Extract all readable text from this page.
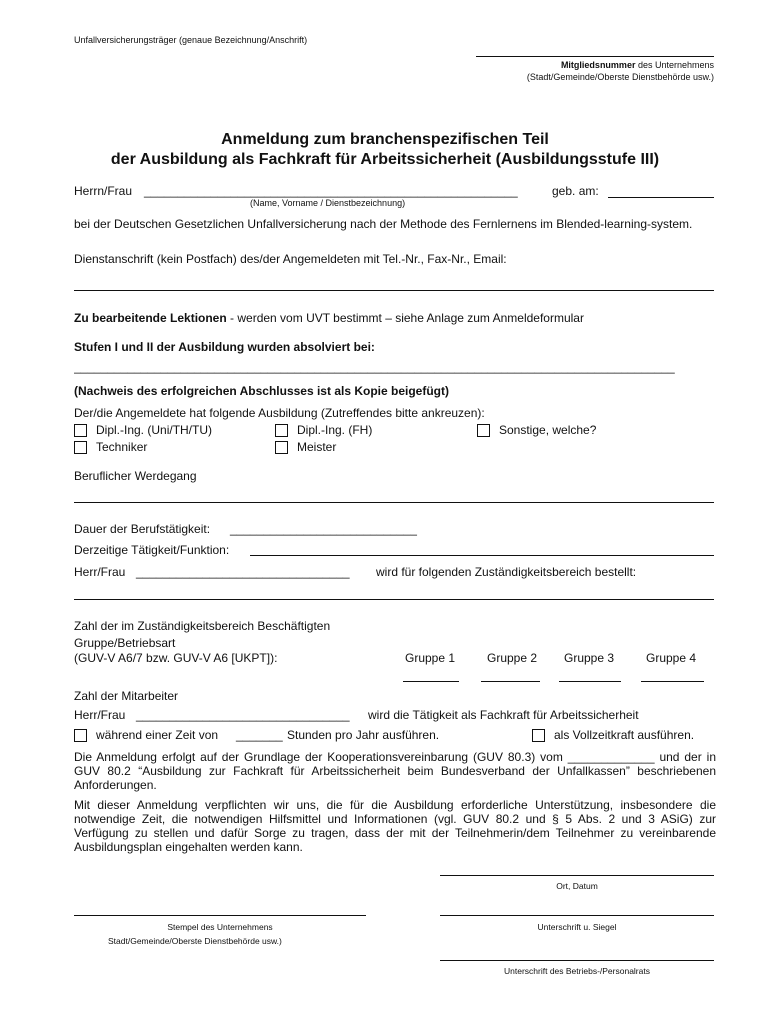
Unfallversicherungsträger (genaue Bezeichnung/Anschrift)
Mitgliedsnummer des Unternehmens
(Stadt/Gemeinde/Oberste Dienstbehörde usw.)
Anmeldung zum branchenspezifischen Teil
der Ausbildung als Fachkraft für Arbeitssicherheit (Ausbildungsstufe III)
Herrn/Frau ________________________________________________________	geb. am:
(Name, Vorname / Dienstbezeichnung)
bei der Deutschen Gesetzlichen Unfallversicherung nach der Methode des Fernlernens im Blended-learning-system.
Dienstanschrift (kein Postfach) des/der Angemeldeten mit Tel.-Nr., Fax-Nr., Email:
Zu bearbeitende Lektionen - werden vom UVT bestimmt – siehe Anlage zum Anmeldeformular
Stufen I und II der Ausbildung wurden absolviert bei:
__________________________________________________________________________________________
(Nachweis des erfolgreichen Abschlusses ist als Kopie beigefügt)
Der/die Angemeldete hat folgende Ausbildung (Zutreffendes bitte ankreuzen):
Dipl.-Ing. (Uni/TH/TU)	Dipl.-Ing. (FH)	Sonstige, welche?
Techniker	Meister
Beruflicher Werdegang
Dauer der Berufstätigkeit: ____________________________
Derzeitige Tätigkeit/Funktion:
Herr/Frau ________________________________ wird für folgenden Zuständigkeitsbereich bestellt:
Zahl der im Zuständigkeitsbereich Beschäftigten
Gruppe/Betriebsart
(GUV-V A6/7 bzw. GUV-V A6 [UKPT]):	Gruppe 1	Gruppe 2 Gruppe 3	Gruppe 4
Zahl der Mitarbeiter
Herr/Frau ________________________________ wird die Tätigkeit als Fachkraft für Arbeitssicherheit
während einer Zeit von _______ Stunden pro Jahr ausführen.	als Vollzeitkraft ausführen.
Die Anmeldung erfolgt auf der Grundlage der Kooperationsvereinbarung (GUV 80.3) vom _____________ und der in GUV 80.2 “Ausbildung zur Fachkraft für Arbeitssicherheit beim Bundesverband der Unfallkassen” beschriebenen Anforderungen.
Mit dieser Anmeldung verpflichten wir uns, die für die Ausbildung erforderliche Unterstützung, insbesondere die notwendige Zeit, die notwendigen Hilfsmittel und Informationen (vgl. GUV 80.2 und § 5 Abs. 2 und 3 ASiG) zur Verfügung zu stellen und dafür Sorge zu tragen, dass der mit der Teilnehmerin/dem Teilnehmer zu vereinbarende Ausbildungsplan eingehalten werden kann.
Ort, Datum
Stempel des Unternehmens
Stadt/Gemeinde/Oberste Dienstbehörde usw.)
Unterschrift u. Siegel
Unterschrift des Betriebs-/Personalrats
